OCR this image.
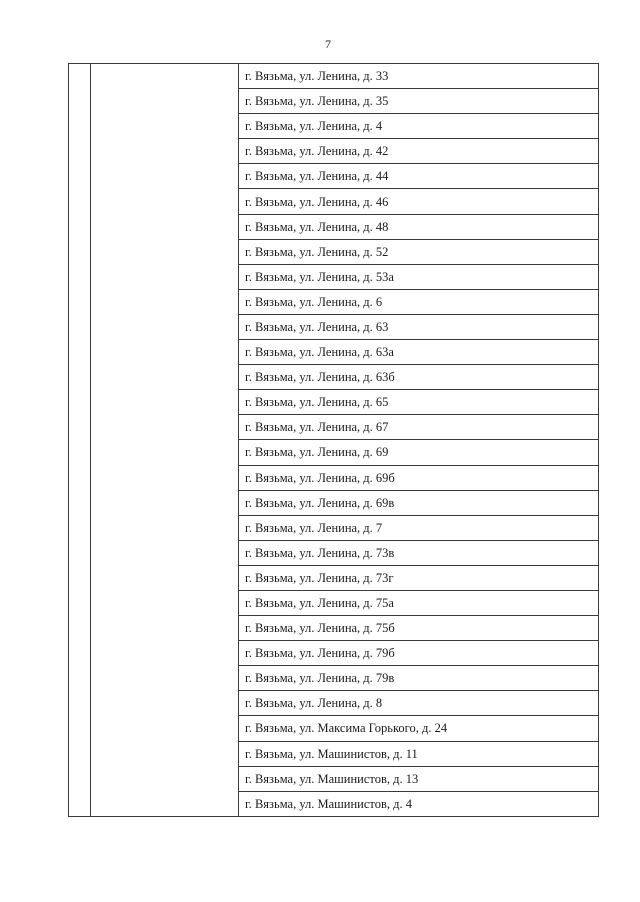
7
		г. Вязьма, ул. Ленина, д. 33
г. Вязьма, ул. Ленина, д. 35
г. Вязьма, ул. Ленина, д. 4
г. Вязьма, ул. Ленина, д. 42
г. Вязьма, ул. Ленина, д. 44
г. Вязьма, ул. Ленина, д. 46
г. Вязьма, ул. Ленина, д. 48
г. Вязьма, ул. Ленина, д. 52
г. Вязьма, ул. Ленина, д. 53а
г. Вязьма, ул. Ленина, д. 6
г. Вязьма, ул. Ленина, д. 63
г. Вязьма, ул. Ленина, д. 63а
г. Вязьма, ул. Ленина, д. 63б
г. Вязьма, ул. Ленина, д. 65
г. Вязьма, ул. Ленина, д. 67
г. Вязьма, ул. Ленина, д. 69
г. Вязьма, ул. Ленина, д. 69б
г. Вязьма, ул. Ленина, д. 69в
г. Вязьма, ул. Ленина, д. 7
г. Вязьма, ул. Ленина, д. 73в
г. Вязьма, ул. Ленина, д. 73г
г. Вязьма, ул. Ленина, д. 75а
г. Вязьма, ул. Ленина, д. 75б
г. Вязьма, ул. Ленина, д. 79б
г. Вязьма, ул. Ленина, д. 79в
г. Вязьма, ул. Ленина, д. 8
г. Вязьма, ул. Максима Горького, д. 24
г. Вязьма, ул. Машинистов, д. 11
г. Вязьма, ул. Машинистов, д. 13
г. Вязьма, ул. Машинистов, д. 4
